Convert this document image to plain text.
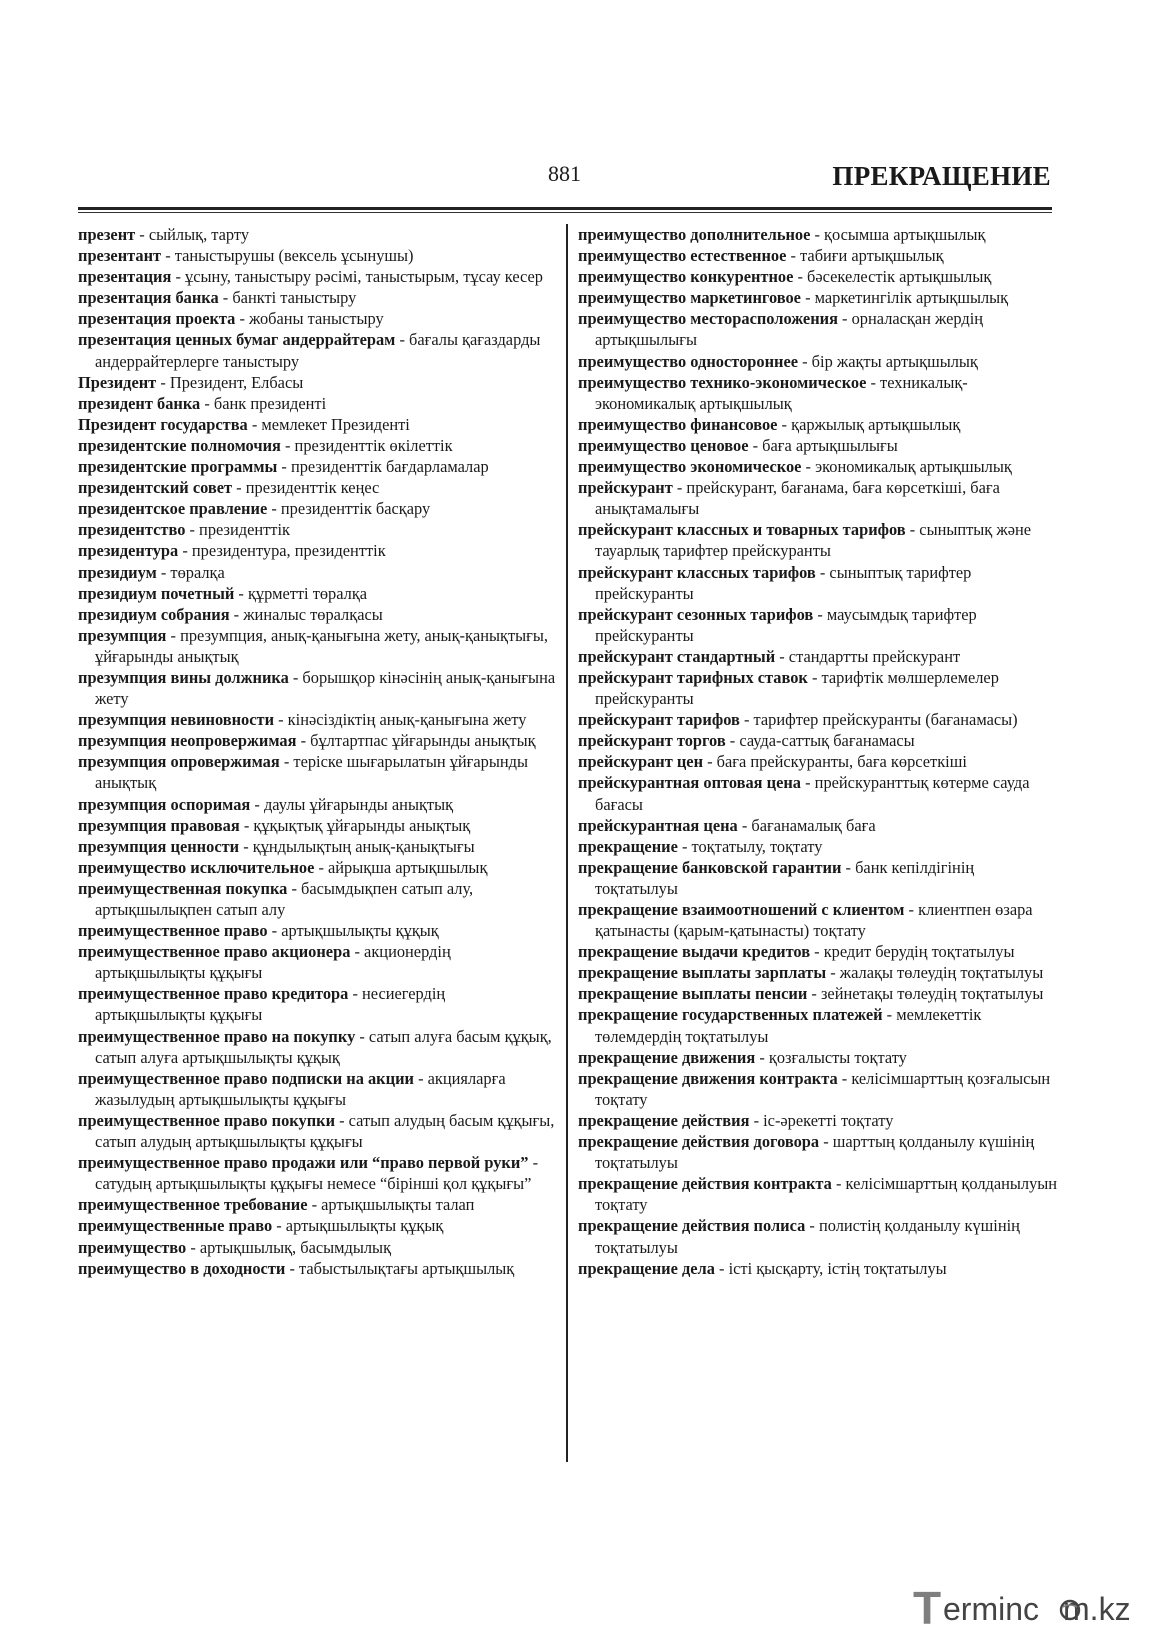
881	ПРЕКРАЩЕНИЕ

презент - сыйлық, тарту

презентант - таныстырушы (вексель ұсынушы)

презентация - ұсыну, таныстыру рәсімі, таныстырым, тұсау кесер

презентация банка - банкті таныстыру

презентация проекта - жобаны таныстыру

презентация ценных бумаг андеррайтерам - бағалы қағаздарды андеррайтерлерге таныстыру

Президент - Президент, Елбасы

президент банка - банк президенті

Президент государства - мемлекет Президенті

президентские полномочия - президенттік өкілеттік

президентские программы - президенттік бағдарламалар

президентский совет - президенттік кеңес

президентское правление - президенттік басқару

президентство - президенттік

президентура - президентура, президенттік

президиум - төралқа

президиум почетный - құрметті төралқа

президиум собрания - жиналыс төралқасы

презумпция - презумпция, анық-қанығына жету, анық-қанықтығы, ұйғарынды анықтық

презумпция вины должника - борышқор кінәсінің анық-қанығына жету

презумпция невиновности - кінәсіздіктің анық-қанығына жету

презумпция неопровержимая - бұлтартпас ұйғарынды анықтық

презумпция опровержимая - теріске шығарылатын ұйғарынды анықтық

презумпция оспоримая - даулы ұйғарынды анықтық

презумпция правовая - құқықтық ұйғарынды анықтық

презумпция ценности - құндылықтың анық-қанықтығы

преимущество исключительное - айрықша артықшылық

преимущественная покупка - басымдықпен сатып алу, артықшылықпен сатып алу

преимущественное право - артықшылықты құқық

преимущественное право акционера - акционердің артықшылықты құқығы

преимущественное право кредитора - несиегердің артықшылықты құқығы

преимущественное право на покупку - сатып алуға басым құқық, сатып алуға артықшылықты құқық

преимущественное право подписки на акции - акцияларға жазылудың артықшылықты құқығы

преимущественное право покупки - сатып алудың басым құқығы, сатып алудың артықшылықты құқығы

преимущественное право продажи или “право первой руки” - сатудың артықшылықты құқығы немесе “бірінші қол құқығы”

преимущественное требование - артықшылықты талап

преимущественные право - артықшылықты құқық

преимущество - артықшылық, басымдылық

преимущество в доходности - табыстылықтағы артықшылық

преимущество дополнительное - қосымша артықшылық

преимущество естественное - табиғи артықшылық

преимущество конкурентное - бәсекелестік артықшылық

преимущество маркетинговое - маркетингілік артықшылық

преимущество месторасположения - орналасқан жердің артықшылығы

преимущество одностороннее - бір жақты артықшылық

преимущество технико-экономическое - техникалық-экономикалық артықшылық

преимущество финансовое - қаржылық артықшылық

преимущество ценовое - баға артықшылығы

преимущество экономическое - экономикалық артықшылық

прейскурант - прейскурант, бағанама, баға көрсеткіші, баға анықтамалығы

прейскурант классных и товарных тарифов - сыныптық және тауарлық тарифтер прейскуранты

прейскурант классных тарифов - сыныптық тарифтер прейскуранты

прейскурант сезонных тарифов - маусымдық тарифтер прейскуранты

прейскурант стандартный - стандартты прейскурант

прейскурант тарифных ставок - тарифтік мөлшерлемелер прейскуранты

прейскурант тарифов - тарифтер прейскуранты (бағанамасы)

прейскурант торгов - сауда-саттық бағанамасы

прейскурант цен - баға прейскуранты, баға көрсеткіші

прейскурантная оптовая цена - прейскуранттық көтерме сауда бағасы

прейскурантная цена - бағанамалық баға

прекращение - тоқтатылу, тоқтату

прекращение банковской гарантии - банк кепілдігінің тоқтатылуы

прекращение взаимоотношений с клиентом - клиентпен өзара қатынасты (қарым-қатынасты) тоқтату

прекращение выдачи кредитов - кредит берудің тоқтатылуы

прекращение выплаты зарплаты - жалақы төлеудің тоқтатылуы

прекращение выплаты пенсии - зейнетақы төлеудің тоқтатылуы

прекращение государственных платежей - мемлекеттік төлемдердің тоқтатылуы

прекращение движения - қозғалысты тоқтату

прекращение движения контракта - келісімшарттың қозғалысын тоқтату

прекращение действия - іс-әрекетті тоқтату

прекращение действия договора - шарттың қолданылу күшінің тоқтатылуы

прекращение действия контракта - келісімшарттың қолданылуын тоқтату

прекращение действия полиса - полистің қолданылу күшінің тоқтатылуы

прекращение дела - істі қысқарту, істің тоқтатылуы

T erminc m.kz
